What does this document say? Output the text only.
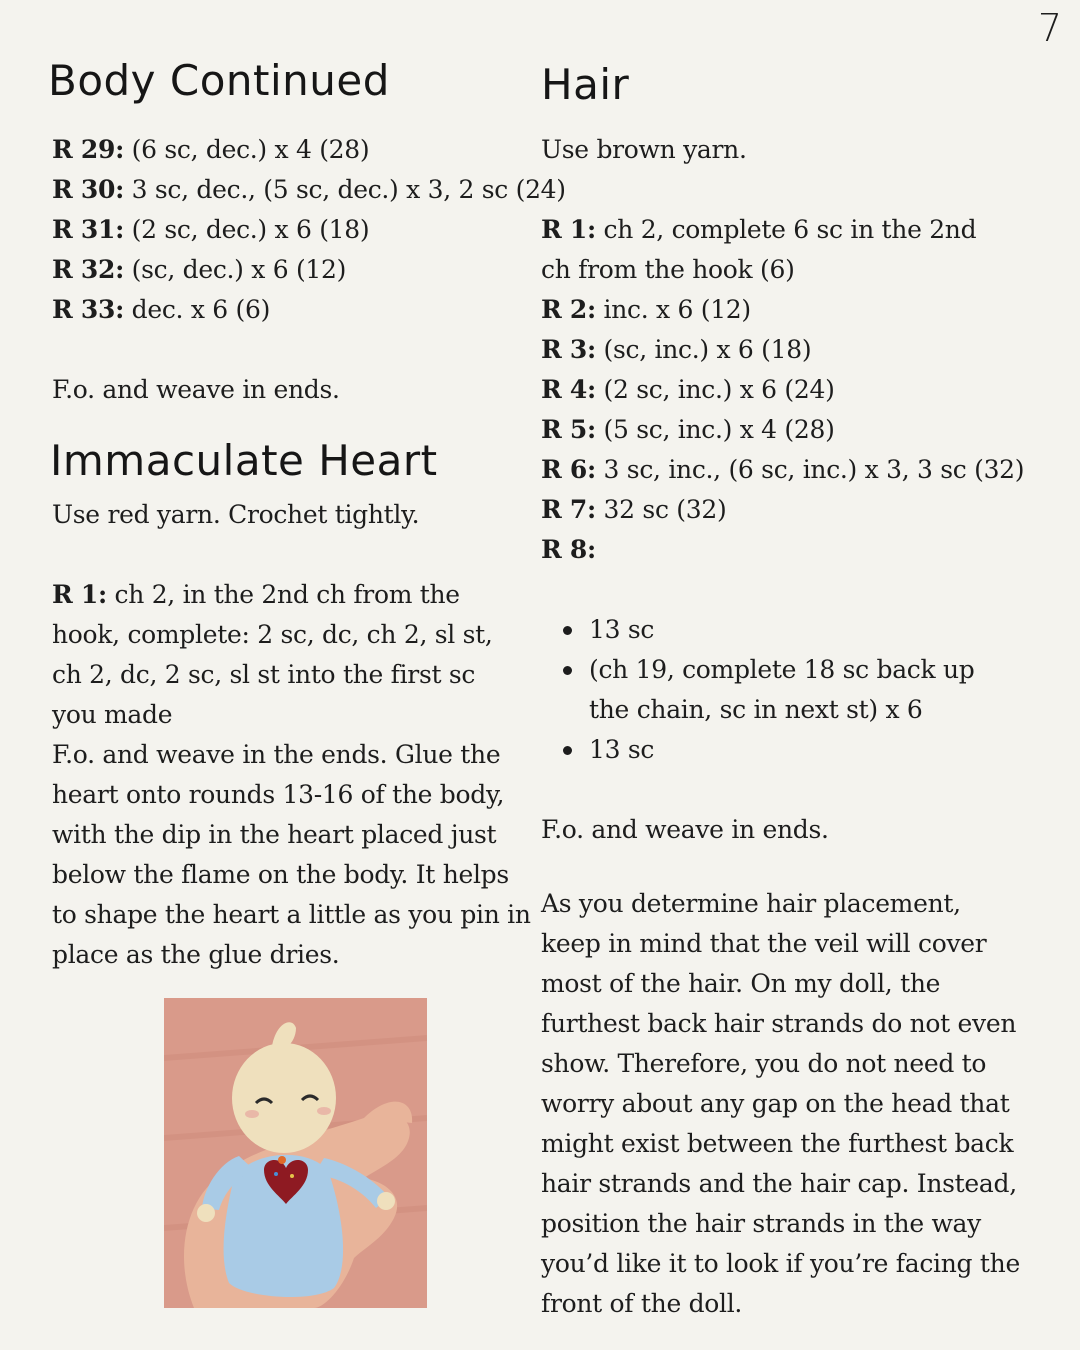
7
Body Continued
R 29: (6 sc, dec.) x 4 (28)
R 30: 3 sc, dec., (5 sc, dec.) x 3, 2 sc (24)
R 31: (2 sc, dec.) x 6 (18)
R 32: (sc, dec.) x 6 (12)
R 33: dec. x 6 (6)

F.o. and weave in ends.

Immaculate Heart

Use red yarn. Crochet tightly.

R 1: ch 2, in the 2nd ch from the hook, complete: 2 sc, dc, ch 2, sl st, ch 2, dc, 2 sc, sl st into the first sc you made

F.o. and weave in the ends. Glue the heart onto rounds 13-16 of the body, with the dip in the heart placed just below the flame on the body. It helps to shape the heart a little as you pin in place as the glue dries.

Hair

Use brown yarn.

R 1: ch 2, complete 6 sc in the 2nd ch from the hook (6)

R 2: inc. x 6 (12)
R 3: (sc, inc.) x 6 (18)
R 4: (2 sc, inc.) x 6 (24)
R 5: (5 sc, inc.) x 4 (28)
R 6: 3 sc, inc., (6 sc, inc.) x 3, 3 sc (32)
R 7: 32 sc (32)
R 8:
13 sc
(ch 19, complete 18 sc back up the chain, sc in next st) x 6
13 sc

F.o. and weave in ends.

As you determine hair placement, keep in mind that the veil will cover most of the hair. On my doll, the furthest back hair strands do not even show. Therefore, you do not need to worry about any gap on the head that might exist between the furthest back hair strands and the hair cap. Instead, position the hair strands in the way you’d like it to look if you’re facing the front of the doll.
